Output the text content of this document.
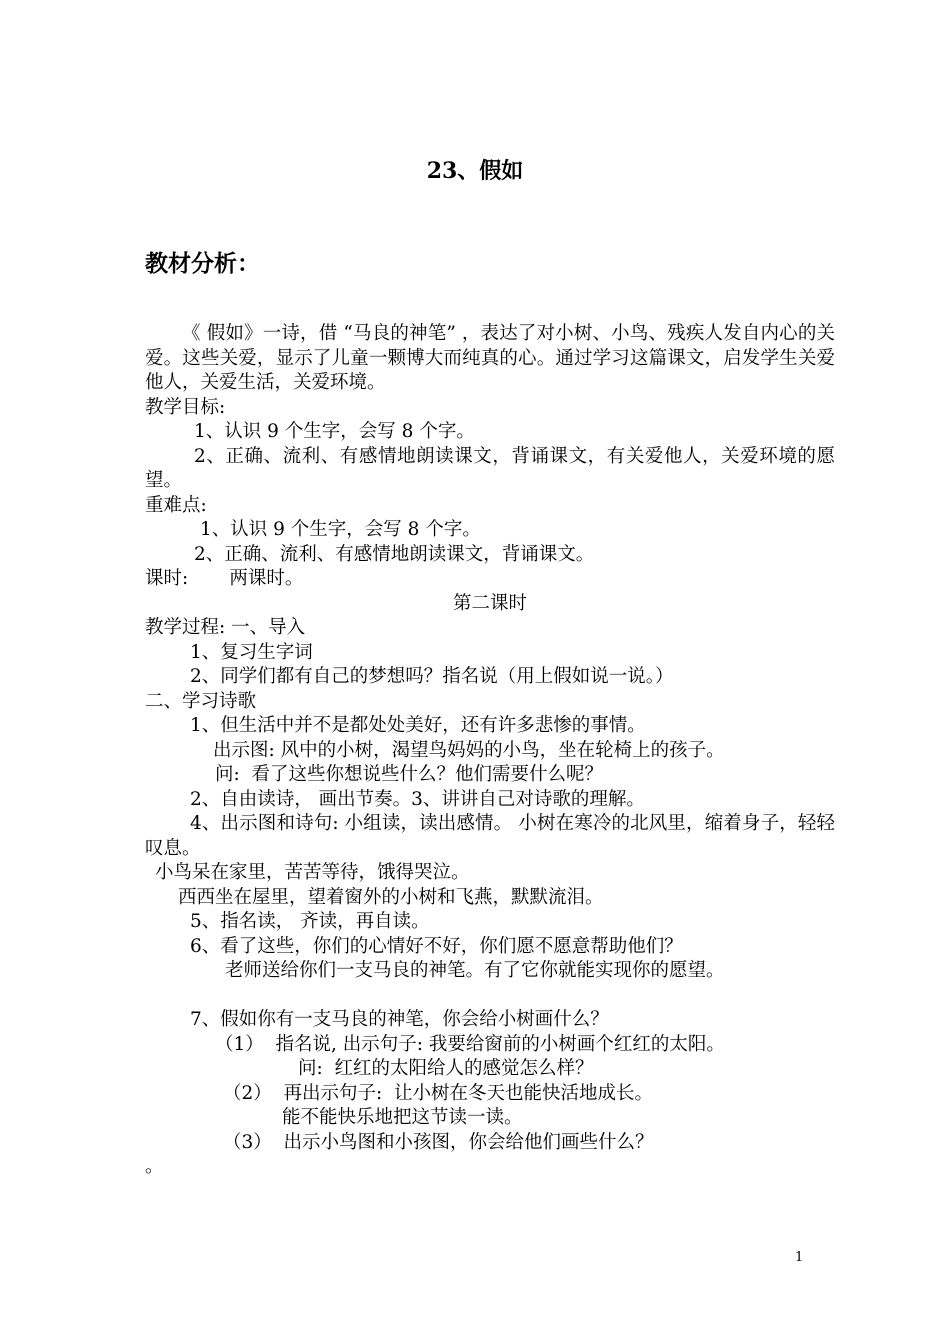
23、假如
教材分析：
《 假如》一诗，借 “马良的神笔” ，表达了对小树、小鸟、残疾人发自内心的关爱。这些关爱，显示了儿童一颗博大而纯真的心。通过学习这篇课文，启发学生关爱他人，关爱生活，关爱环境。
教学目标:
1、认识 9 个生字，会写 8 个字。
2、正确、流利、有感情地朗读课文，背诵课文，有关爱他人，关爱环境的愿望。
重难点:
1、认识 9 个生字，会写 8 个字。
2、正确、流利、有感情地朗读课文，背诵课文。
课时:       两课时。
第二课时
教学过程: 一、导入
1、复习生字词
2、同学们都有自己的梦想吗？指名说（用上假如说一说。）
二、学习诗歌
1、但生活中并不是都处处美好，还有许多悲惨的事情。
出示图: 风中的小树，渴望鸟妈妈的小鸟，坐在轮椅上的孩子。
问:  看了这些你想说些什么？他们需要什么呢？
2、自由读诗， 画出节奏。3、讲讲自己对诗歌的理解。
4、出示图和诗句: 小组读，读出感情。 小树在寒冷的北风里，缩着身子，轻轻叹息。
小鸟呆在家里，苦苦等待，饿得哭泣。
西西坐在屋里，望着窗外的小树和飞燕，默默流泪。
5、指名读， 齐读，再自读。
6、看了这些，你们的心情好不好，你们愿不愿意帮助他们？
老师送给你们一支马良的神笔。有了它你就能实现你的愿望。
7、假如你有一支马良的神笔，你会给小树画什么？
（1）  指名说, 出示句子: 我要给窗前的小树画个红红的太阳。
问:  红红的太阳给人的感觉怎么样？
（2）  再出示句子:  让小树在冬天也能快活地成长。
能不能快乐地把这节读一读。
（3）  出示小鸟图和小孩图，你会给他们画些什么？
。
1
